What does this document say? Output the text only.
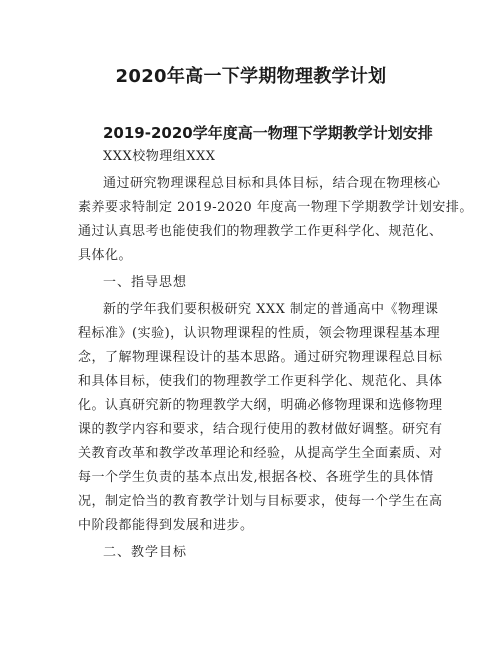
2020年高一下学期物理教学计划
2019-2020学年度高一物理下学期教学计划安排
XXX校物理组XXX
通过研究物理课程总目标和具体目标，结合现在物理核心
素养要求特制定 2019-2020 年度高一物理下学期教学计划安排。
通过认真思考也能使我们的物理教学工作更科学化、规范化、
具体化。
一、指导思想
新的学年我们要积极研究 XXX 制定的普通高中《物理课
程标准》(实验)，认识物理课程的性质，领会物理课程基本理
念，了解物理课程设计的基本思路。通过研究物理课程总目标
和具体目标，使我们的物理教学工作更科学化、规范化、具体
化。认真研究新的物理教学大纲，明确必修物理课和选修物理
课的教学内容和要求，结合现行使用的教材做好调整。研究有
关教育改革和教学改革理论和经验，从提高学生全面素质、对
每一个学生负责的基本点出发,根据各校、各班学生的具体情
况，制定恰当的教育教学计划与目标要求，使每一个学生在高
中阶段都能得到发展和进步。
二、教学目标
